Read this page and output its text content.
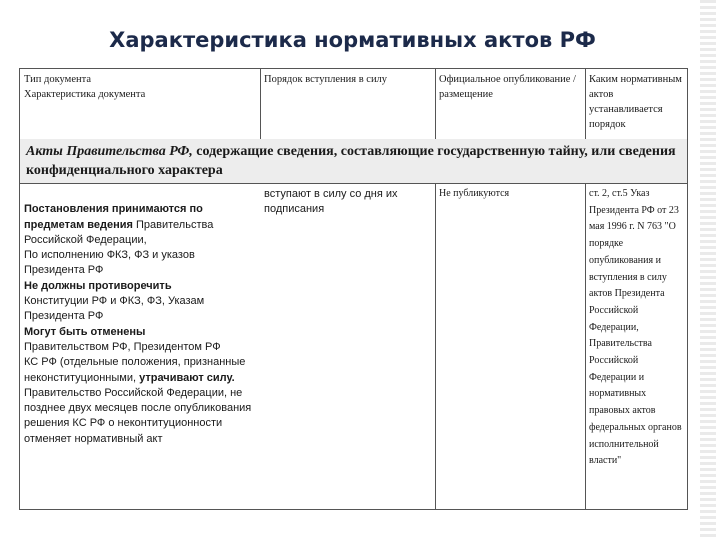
Характеристика нормативных актов РФ
Тип документа
Характеристика документа
Порядок вступления в силу	Официальное опубликование / размещение
Каким нормативным актов устанавливается порядок
Акты Правительства РФ, содержащие сведения, составляющие государственную тайну, или сведения конфиденциального характера

Постановления принимаются по предметам ведения Правительства Российской Федерации,
По исполнению ФКЗ, ФЗ и указов Президента РФ
Не должны противоречить
Конституции РФ и ФКЗ, ФЗ, Указам Президента РФ
Могут быть отменены
Правительством РФ, Президентом РФ
КС РФ (отдельные положения, признанные неконституционными, утрачивают силу.
Правительство Российской Федерации, не позднее двух месяцев после опубликования решения КС РФ о неконтитуционности отменяет нормативный акт

вступают в силу со дня их подписания
Не публикуются	ст. 2, ст.5 Указ Президента РФ от 23 мая 1996 г. N 763 "О порядке опубликования и вступления в силу актов Президента Российской Федерации, Правительства Российской Федерации и нормативных правовых актов федеральных органов исполнительной власти"
